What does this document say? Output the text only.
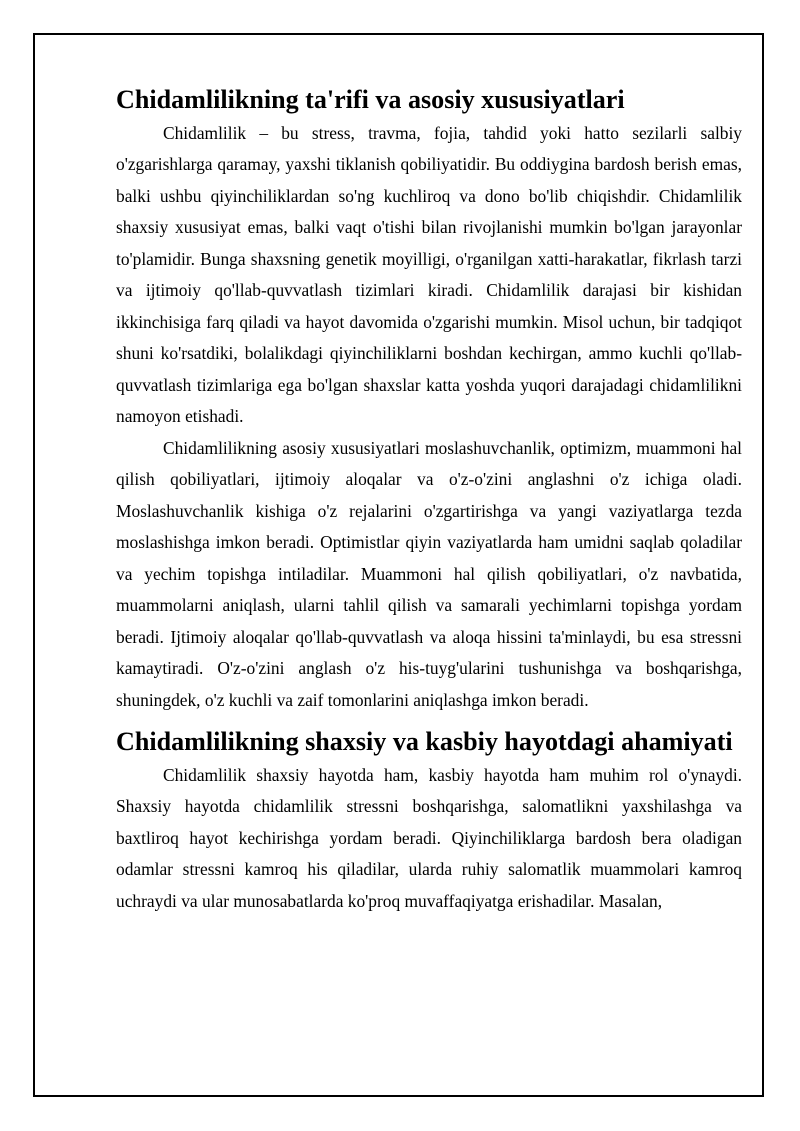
Chidamlilikning ta'rifi va asosiy xususiyatlari

Chidamlilik – bu stress, travma, fojia, tahdid yoki hatto sezilarli salbiy o'zgarishlarga qaramay, yaxshi tiklanish qobiliyatidir. Bu oddiygina bardosh berish emas, balki ushbu qiyinchiliklardan so'ng kuchliroq va dono bo'lib chiqishdir. Chidamlilik shaxsiy xususiyat emas, balki vaqt o'tishi bilan rivojlanishi mumkin bo'lgan jarayonlar to'plamidir. Bunga shaxsning genetik moyilligi, o'rganilgan xatti-harakatlar, fikrlash tarzi va ijtimoiy qo'llab-quvvatlash tizimlari kiradi. Chidamlilik darajasi bir kishidan ikkinchisiga farq qiladi va hayot davomida o'zgarishi mumkin. Misol uchun, bir tadqiqot shuni ko'rsatdiki, bolalikdagi qiyinchiliklarni boshdan kechirgan, ammo kuchli qo'llab-quvvatlash tizimlariga ega bo'lgan shaxslar katta yoshda yuqori darajadagi chidamlilikni namoyon etishadi.

Chidamlilikning asosiy xususiyatlari moslashuvchanlik, optimizm, muammoni hal qilish qobiliyatlari, ijtimoiy aloqalar va o'z-o'zini anglashni o'z ichiga oladi. Moslashuvchanlik kishiga o'z rejalarini o'zgartirishga va yangi vaziyatlarga tezda moslashishga imkon beradi. Optimistlar qiyin vaziyatlarda ham umidni saqlab qoladilar va yechim topishga intiladilar. Muammoni hal qilish qobiliyatlari, o'z navbatida, muammolarni aniqlash, ularni tahlil qilish va samarali yechimlarni topishga yordam beradi. Ijtimoiy aloqalar qo'llab-quvvatlash va aloqa hissini ta'minlaydi, bu esa stressni kamaytiradi. O'z-o'zini anglash o'z his-tuyg'ularini tushunishga va boshqarishga, shuningdek, o'z kuchli va zaif tomonlarini aniqlashga imkon beradi.

Chidamlilikning shaxsiy va kasbiy hayotdagi ahamiyati

Chidamlilik shaxsiy hayotda ham, kasbiy hayotda ham muhim rol o'ynaydi. Shaxsiy hayotda chidamlilik stressni boshqarishga, salomatlikni yaxshilashga va baxtliroq hayot kechirishga yordam beradi. Qiyinchiliklarga bardosh bera oladigan odamlar stressni kamroq his qiladilar, ularda ruhiy salomatlik muammolari kamroq uchraydi va ular munosabatlarda ko'proq muvaffaqiyatga erishadilar. Masalan,
